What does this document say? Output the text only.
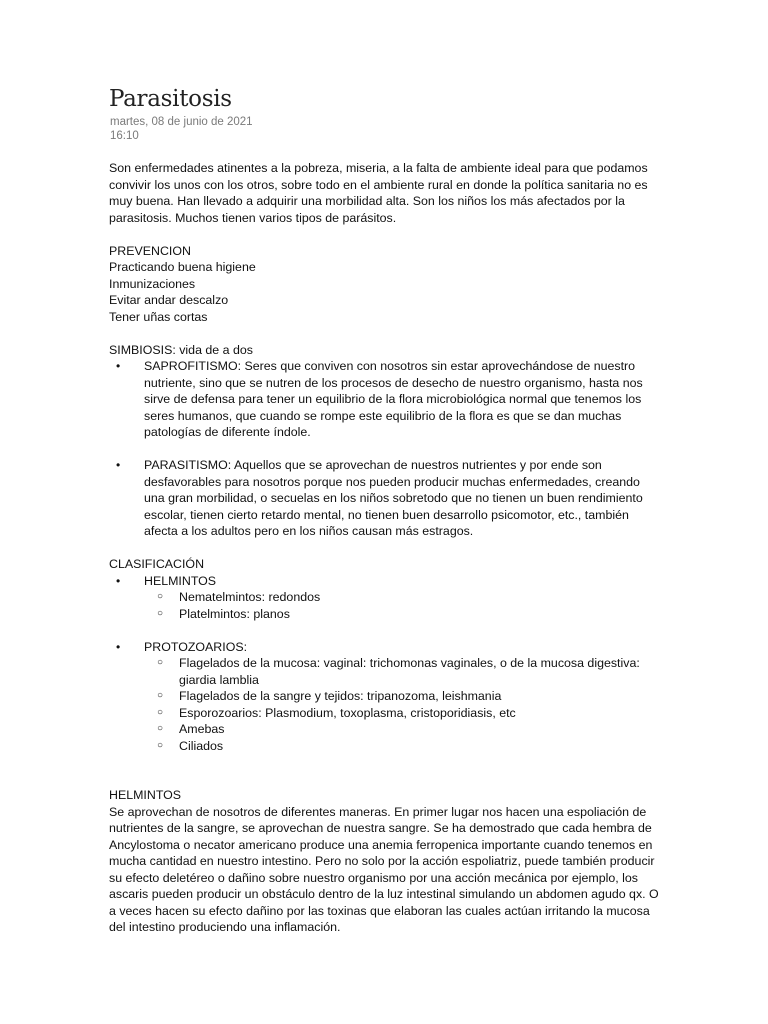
Parasitosis
martes, 08 de junio de 2021
16:10

Son enfermedades atinentes a la pobreza, miseria, a la falta de ambiente ideal para que podamos convivir los unos con los otros, sobre todo en el ambiente rural en donde la política sanitaria no es muy buena. Han llevado a adquirir una morbilidad alta. Son los niños los más afectados por la parasitosis. Muchos tienen varios tipos de parásitos.

PREVENCION

Practicando buena higiene

Inmunizaciones

Evitar andar descalzo

Tener uñas cortas

SIMBIOSIS: vida de a dos

• SAPROFITISMO: Seres que conviven con nosotros sin estar aprovechándose de nuestro nutriente, sino que se nutren de los procesos de desecho de nuestro organismo, hasta nos sirve de defensa para tener un equilibrio de la flora microbiológica normal que tenemos los seres humanos, que cuando se rompe este equilibrio de la flora es que se dan muchas patologías de diferente índole.
• PARASITISMO: Aquellos que se aprovechan de nuestros nutrientes y por ende son desfavorables para nosotros porque nos pueden producir muchas enfermedades, creando una gran morbilidad, o secuelas en los niños sobretodo que no tienen un buen rendimiento escolar, tienen cierto retardo mental, no tienen buen desarrollo psicomotor, etc., también afecta a los adultos pero en los niños causan más estragos.

CLASIFICACIÓN

• HELMINTOS
○ Nematelmintos: redondos
○ Platelmintos: planos
• PROTOZOARIOS:
○ Flagelados de la mucosa: vaginal: trichomonas vaginales, o de la mucosa digestiva: giardia lamblia
○ Flagelados de la sangre y tejidos: tripanozoma, leishmania
○ Esporozoarios: Plasmodium, toxoplasma, cristoporidiasis, etc
○ Amebas
○ Ciliados

HELMINTOS

Se aprovechan de nosotros de diferentes maneras. En primer lugar nos hacen una espoliación de nutrientes de la sangre, se aprovechan de nuestra sangre. Se ha demostrado que cada hembra de Ancylostoma o necator americano produce una anemia ferropenica importante cuando tenemos en mucha cantidad en nuestro intestino. Pero no solo por la acción espoliatriz, puede también producir su efecto deletéreo o dañino sobre nuestro organismo por una acción mecánica por ejemplo, los ascaris pueden producir un obstáculo dentro de la luz intestinal simulando un abdomen agudo qx. O a veces hacen su efecto dañino por las toxinas que elaboran las cuales actúan irritando la mucosa del intestino produciendo una inflamación.
